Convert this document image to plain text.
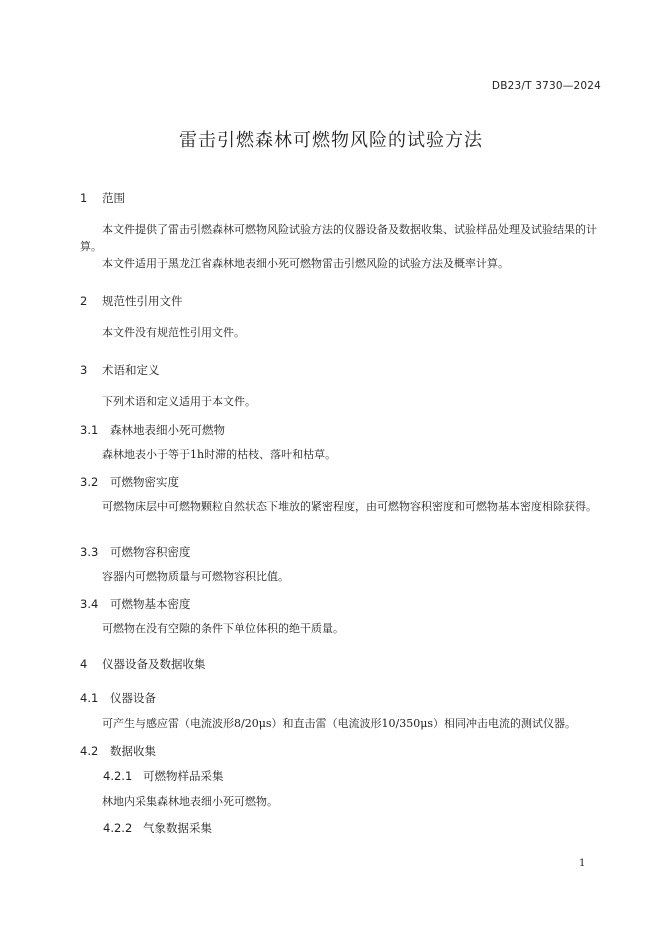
DB23/T 3730—2024
雷击引燃森林可燃物风险的试验方法
1 范围
本文件提供了雷击引燃森林可燃物风险试验方法的仪器设备及数据收集、试验样品处理及试验结果的计算。
本文件适用于黑龙江省森林地表细小死可燃物雷击引燃风险的试验方法及概率计算。
2 规范性引用文件
本文件没有规范性引用文件。
3 术语和定义
下列术语和定义适用于本文件。
3.1 森林地表细小死可燃物
森林地表小于等于1h时滞的枯枝、落叶和枯草。
3.2 可燃物密实度
可燃物床层中可燃物颗粒自然状态下堆放的紧密程度，由可燃物容积密度和可燃物基本密度相除获得。
3.3 可燃物容积密度
容器内可燃物质量与可燃物容积比值。
3.4 可燃物基本密度
可燃物在没有空隙的条件下单位体积的绝干质量。
4 仪器设备及数据收集
4.1 仪器设备
可产生与感应雷（电流波形8/20μs）和直击雷（电流波形10/350μs）相同冲击电流的测试仪器。
4.2 数据收集
4.2.1 可燃物样品采集
林地内采集森林地表细小死可燃物。
4.2.2 气象数据采集
1
